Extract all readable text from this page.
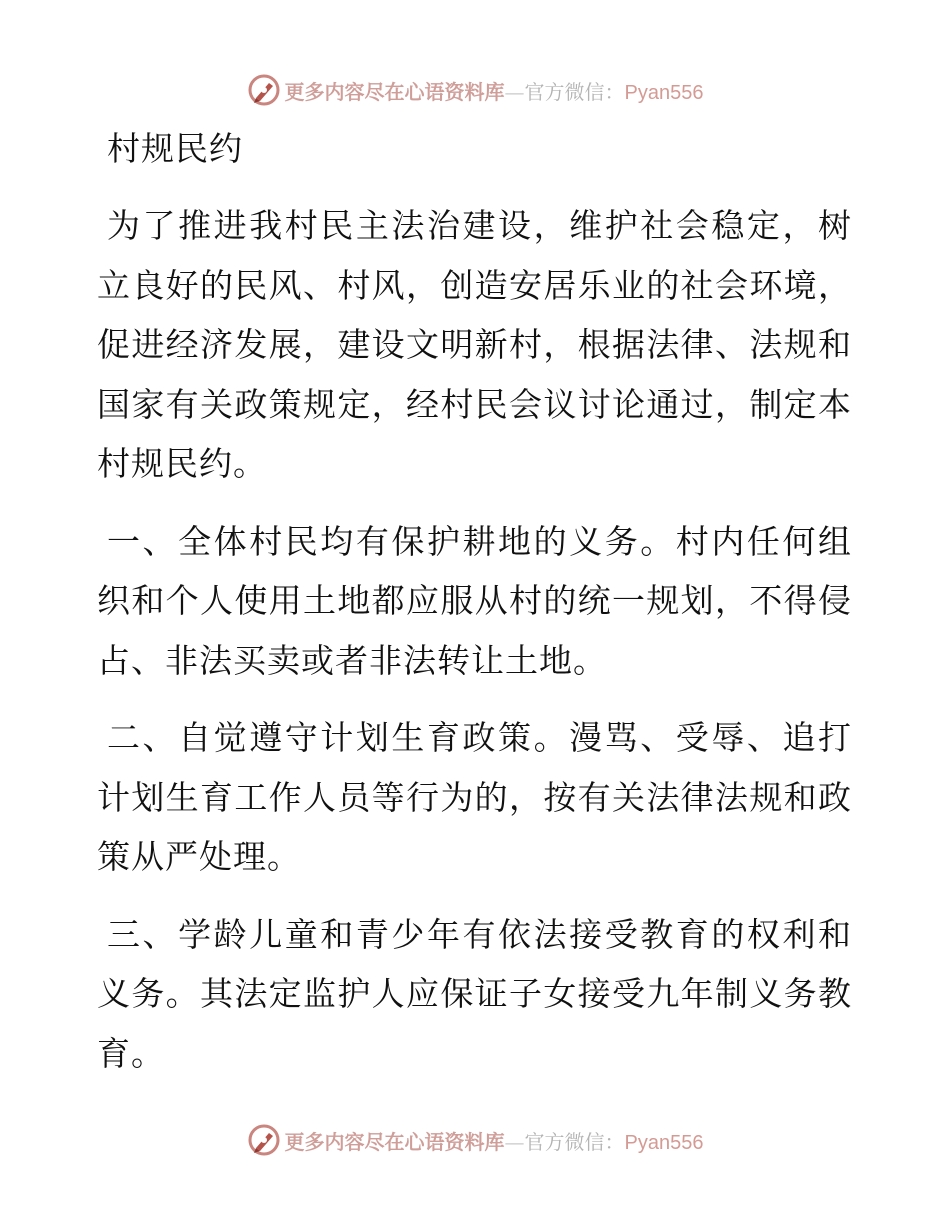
更多内容尽在心语资料库—官方微信：Pyan556
村规民约

为了推进我村民主法治建设，维护社会稳定，树立良好的民风、村风，创造安居乐业的社会环境，促进经济发展，建设文明新村，根据法律、法规和国家有关政策规定，经村民会议讨论通过，制定本村规民约。

一、全体村民均有保护耕地的义务。村内任何组织和个人使用土地都应服从村的统一规划，不得侵占、非法买卖或者非法转让土地。

二、自觉遵守计划生育政策。漫骂、受辱、追打计划生育工作人员等行为的，按有关法律法规和政策从严处理。

三、学龄儿童和青少年有依法接受教育的权利和义务。其法定监护人应保证子女接受九年制义务教育。

更多内容尽在心语资料库—官方微信：Pyan556
